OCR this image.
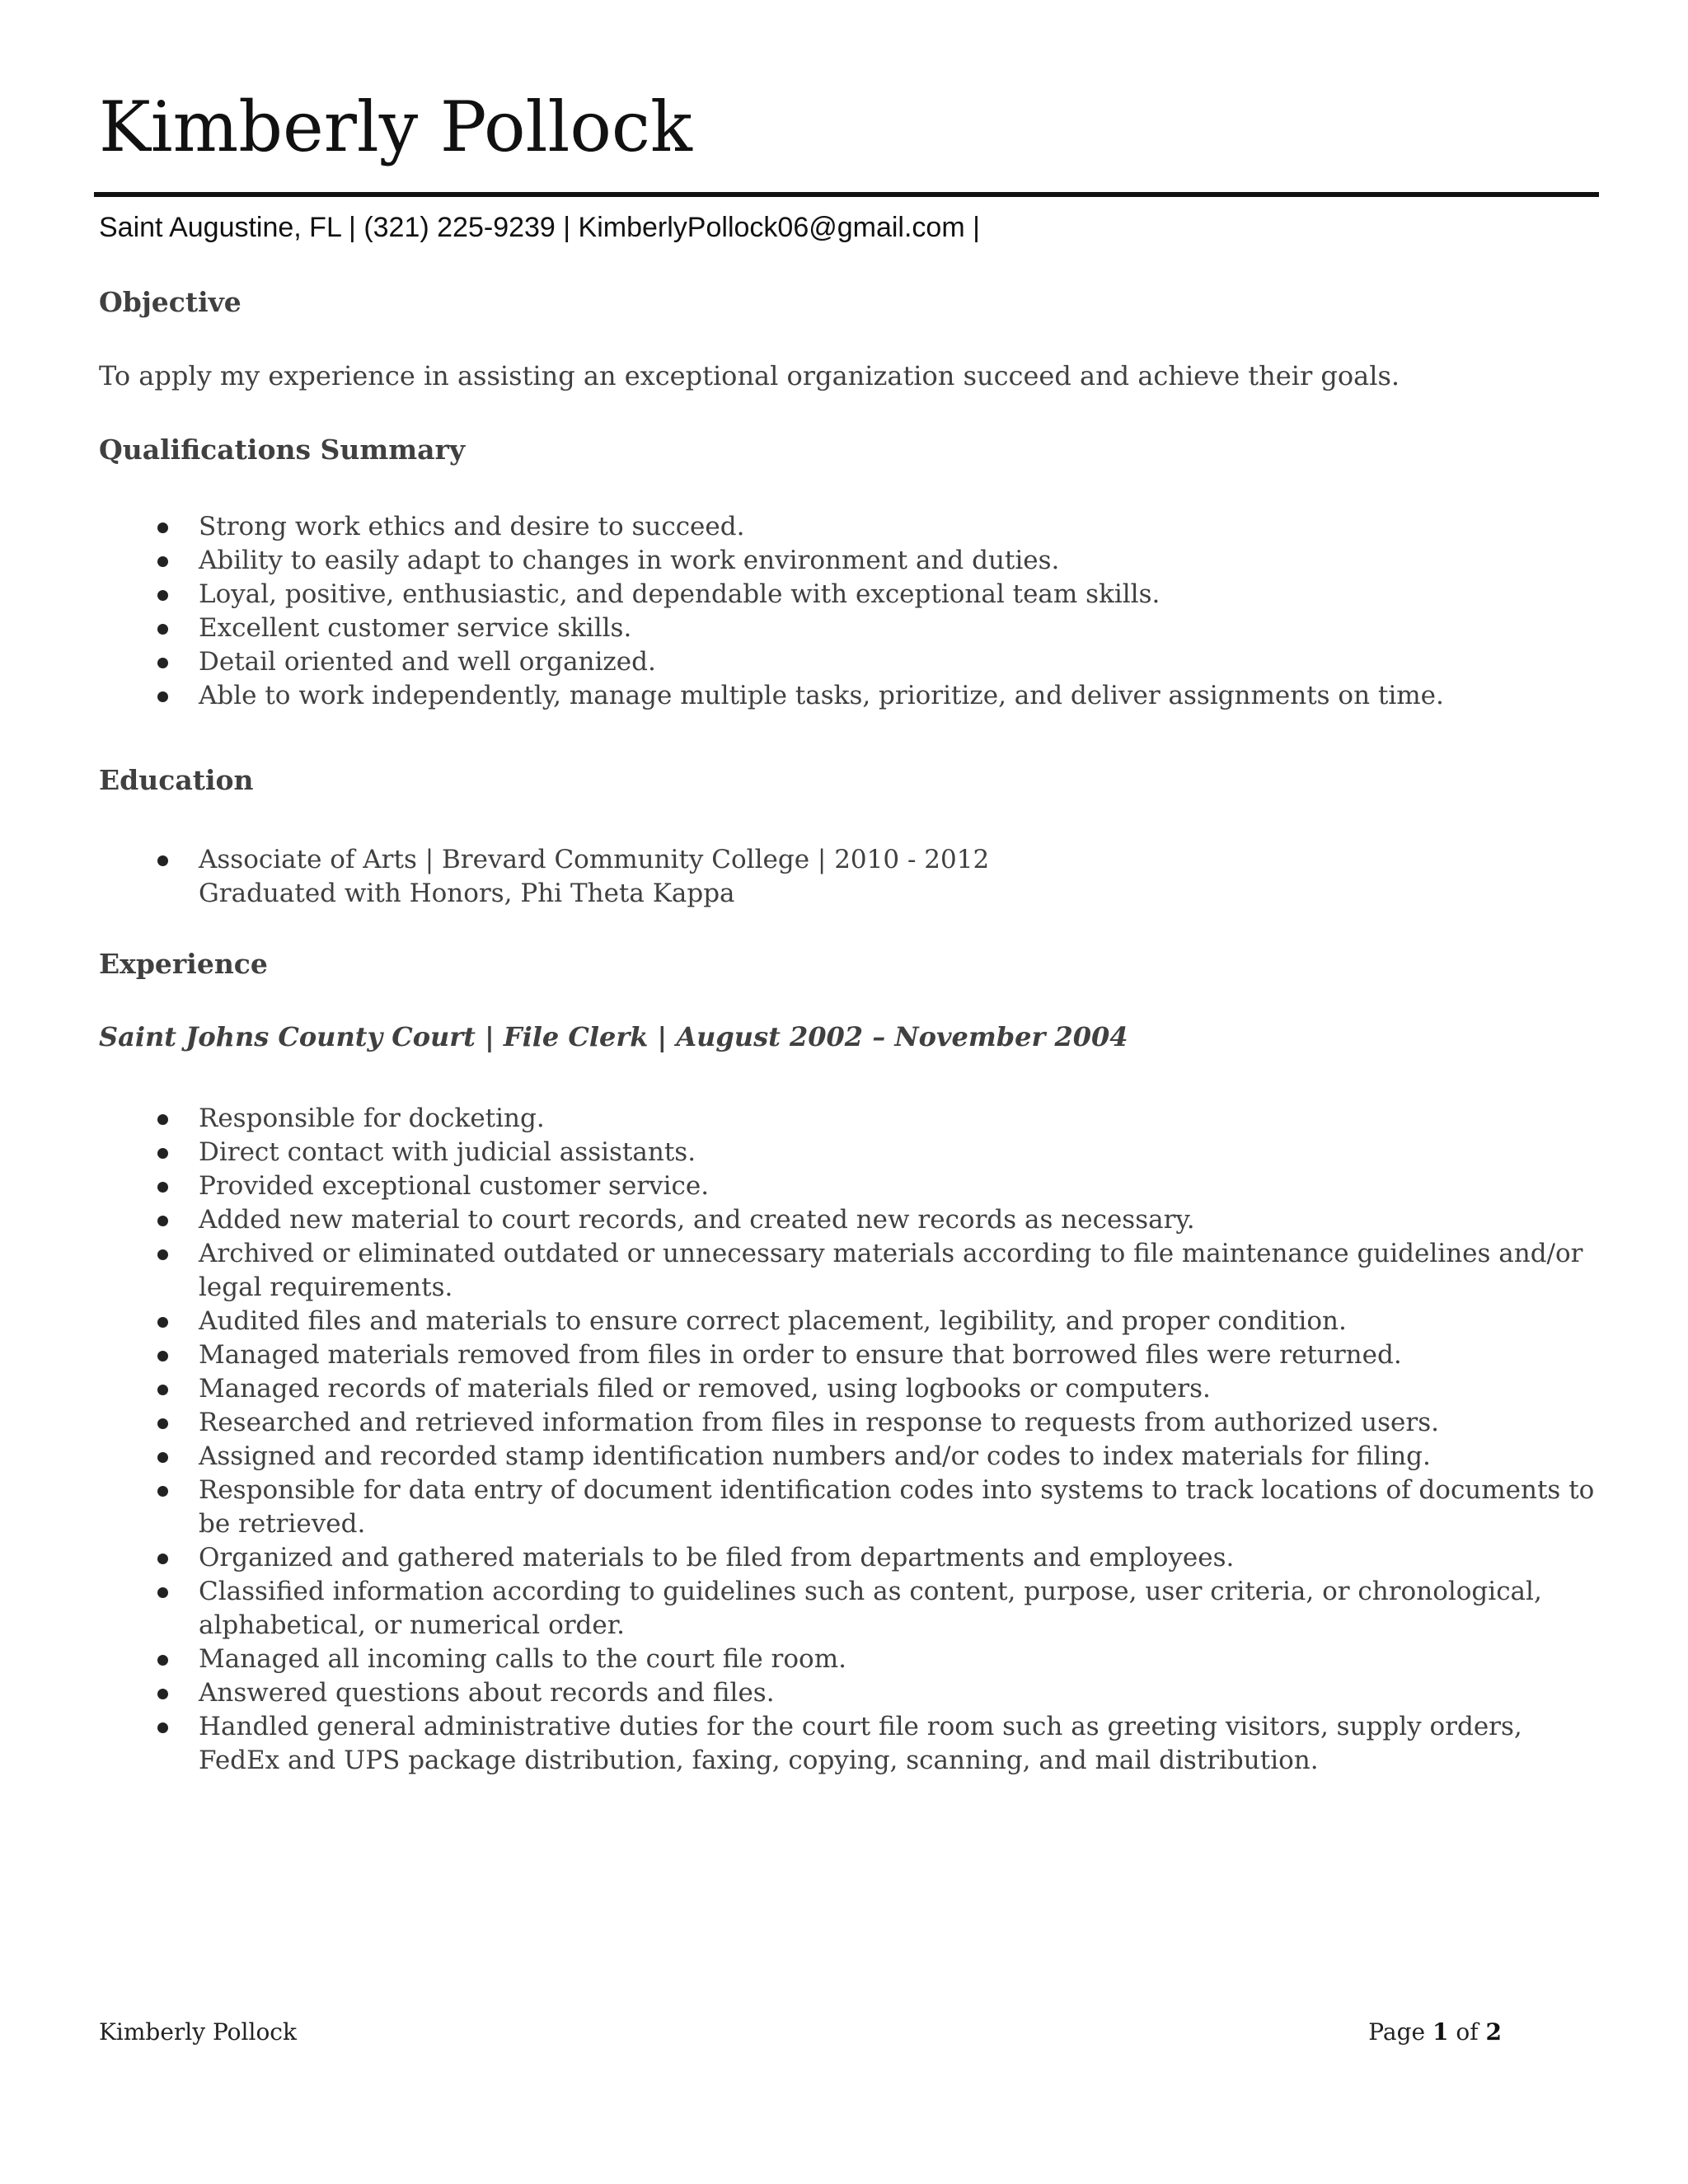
Kimberly Pollock
Saint Augustine, FL | (321) 225-9239 | KimberlyPollock06@gmail.com |
Objective
To apply my experience in assisting an exceptional organization succeed and achieve their goals.
Qualifications Summary
Strong work ethics and desire to succeed.
Ability to easily adapt to changes in work environment and duties.
Loyal, positive, enthusiastic, and dependable with exceptional team skills.
Excellent customer service skills.
Detail oriented and well organized.
Able to work independently, manage multiple tasks, prioritize, and deliver assignments on time.
Education
Associate of Arts | Brevard Community College | 2010 - 2012
Graduated with Honors, Phi Theta Kappa
Experience
Saint Johns County Court | File Clerk | August 2002 – November 2004
Responsible for docketing.
Direct contact with judicial assistants.
Provided exceptional customer service.
Added new material to court records, and created new records as necessary.
Archived or eliminated outdated or unnecessary materials according to file maintenance guidelines and/or legal requirements.
Audited files and materials to ensure correct placement, legibility, and proper condition.
Managed materials removed from files in order to ensure that borrowed files were returned.
Managed records of materials filed or removed, using logbooks or computers.
Researched and retrieved information from files in response to requests from authorized users.
Assigned and recorded stamp identification numbers and/or codes to index materials for filing.
Responsible for data entry of document identification codes into systems to track locations of documents to be retrieved.
Organized and gathered materials to be filed from departments and employees.
Classified information according to guidelines such as content, purpose, user criteria, or chronological, alphabetical, or numerical order.
Managed all incoming calls to the court file room.
Answered questions about records and files.
Handled general administrative duties for the court file room such as greeting visitors, supply orders, FedEx and UPS package distribution, faxing, copying, scanning, and mail distribution.
Kimberly Pollock	Page 1 of 2
